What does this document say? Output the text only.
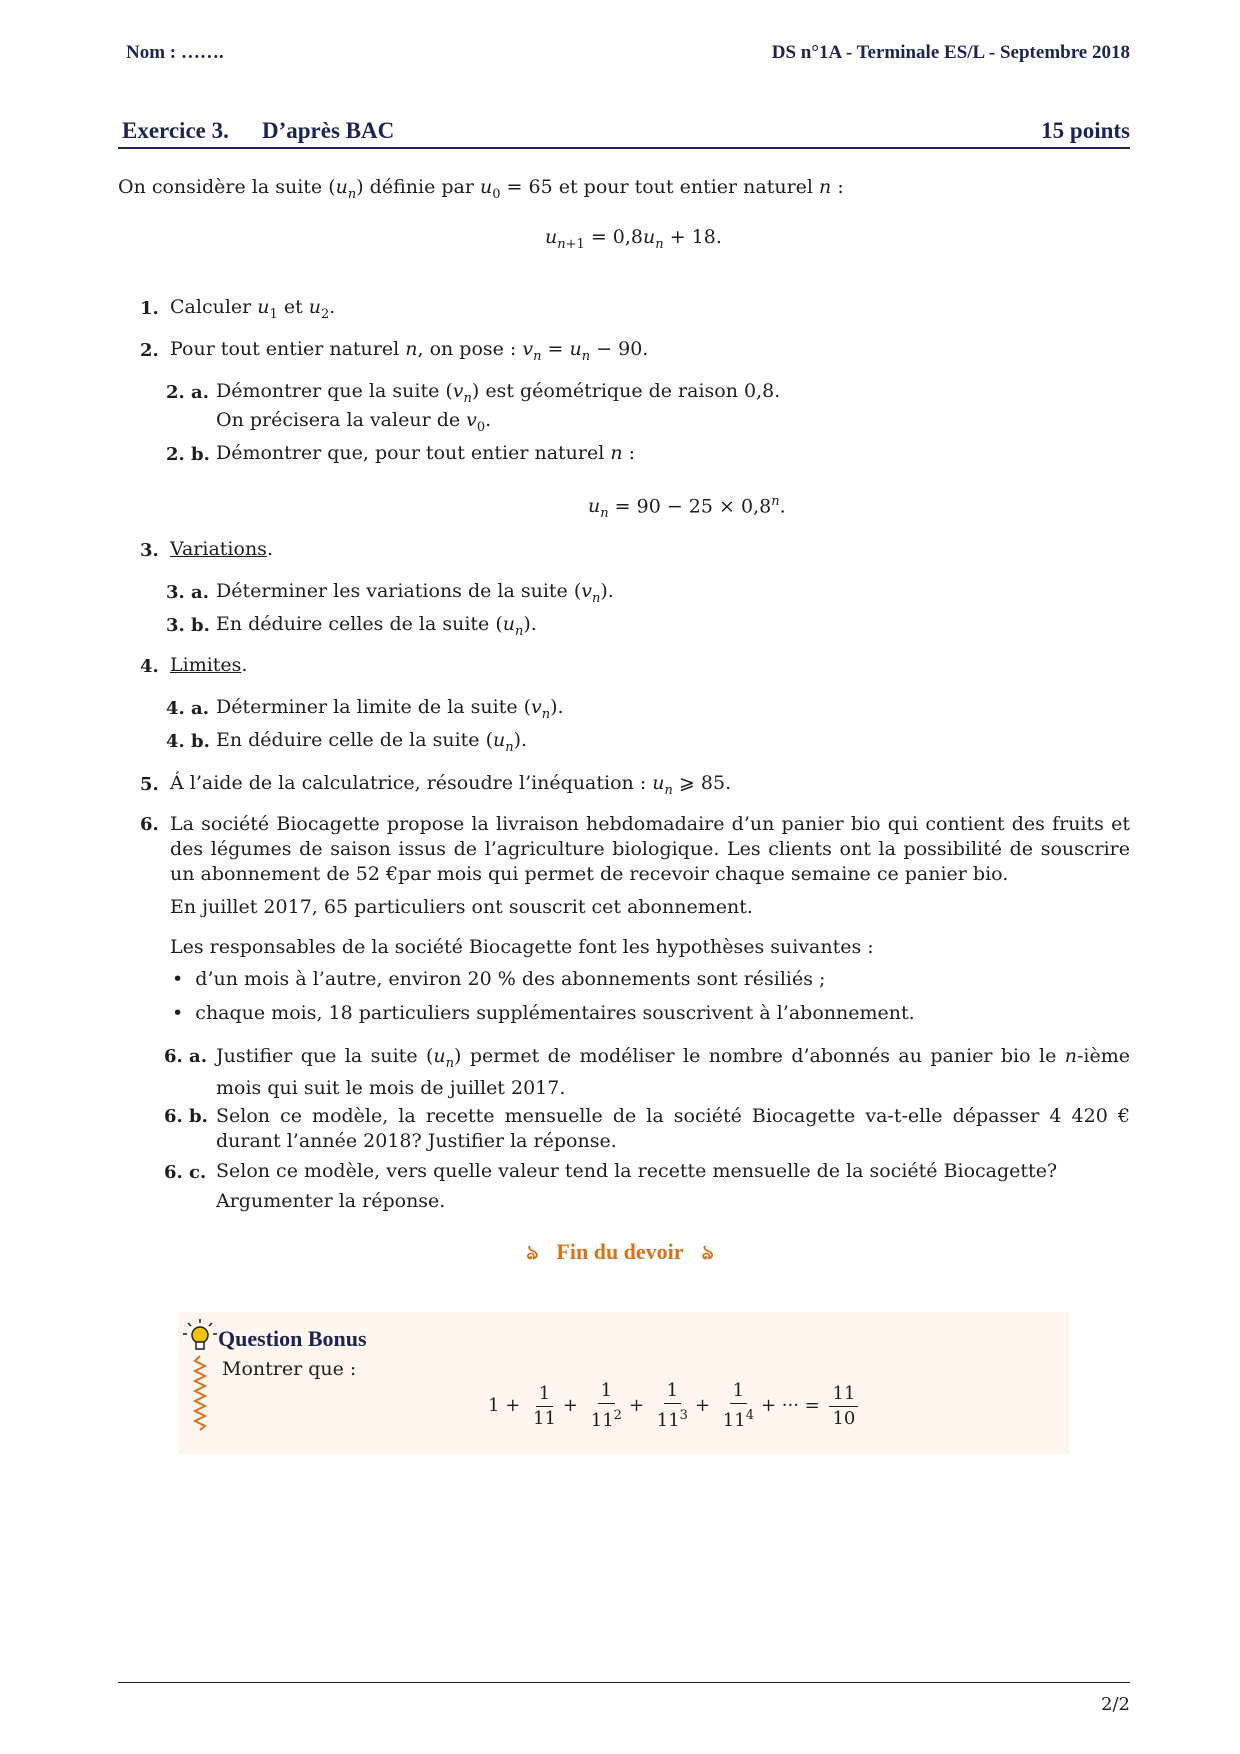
Nom : …….	DS n°1A - Terminale ES/L - Septembre 2018
Exercice 3. D’après BAC	15 points
On considère la suite $(u_n)$ définie par $u_0 = 65$ et pour tout entier naturel n :
$u_{n+1} = 0,8u_n + 18$.
1. Calculer $u_1$ et $u_2$.
2. Pour tout entier naturel n, on pose : $v_n = u_n - 90$.
2. a. Démontrer que la suite $(v_n)$ est géométrique de raison 0,8.
On précisera la valeur de $v_0$.
2. b. Démontrer que, pour tout entier naturel n :
$u_n = 90 - 25 \times 0,8^n$.
3. Variations.
3. a. Déterminer les variations de la suite $(v_n)$.
3. b. En déduire celles de la suite $(u_n)$.
4. Limites.
4. a. Déterminer la limite de la suite $(v_n)$.
4. b. En déduire celle de la suite $(u_n)$.
5. Á l’aide de la calculatrice, résoudre l’inéquation : $u_n$ ⩾ 85.
6. La société Biocagette propose la livraison hebdomadaire d’un panier bio qui contient des fruits et des légumes de saison issus de l’agriculture biologique. Les clients ont la possibilité de souscrire un abonnement de 52 €par mois qui permet de recevoir chaque semaine ce panier bio.
En juillet 2017, 65 particuliers ont souscrit cet abonnement.
Les responsables de la société Biocagette font les hypothèses suivantes :
•  d’un mois à l’autre, environ 20 % des abonnements sont résiliés ;
•  chaque mois, 18 particuliers supplémentaires souscrivent à l’abonnement.
6. a. Justifier que la suite $(u_n)$ permet de modéliser le nombre d’abonnés au panier bio le n-ième mois qui suit le mois de juillet 2017.
6. b. Selon ce modèle, la recette mensuelle de la société Biocagette va-t-elle dépasser 4 420 € durant l’année 2018? Justifier la réponse.
6. c. Selon ce modèle, vers quelle valeur tend la recette mensuelle de la société Biocagette?
Argumenter la réponse.
ঌ Fin du devoir ঌ
Question Bonus
Montrer que :
$1 + \frac{1}{11} + \frac{1}{11^2} + \frac{1}{11^3} + \frac{1}{11^4}$ + ··· = $\frac{11}{10}$
2/2
